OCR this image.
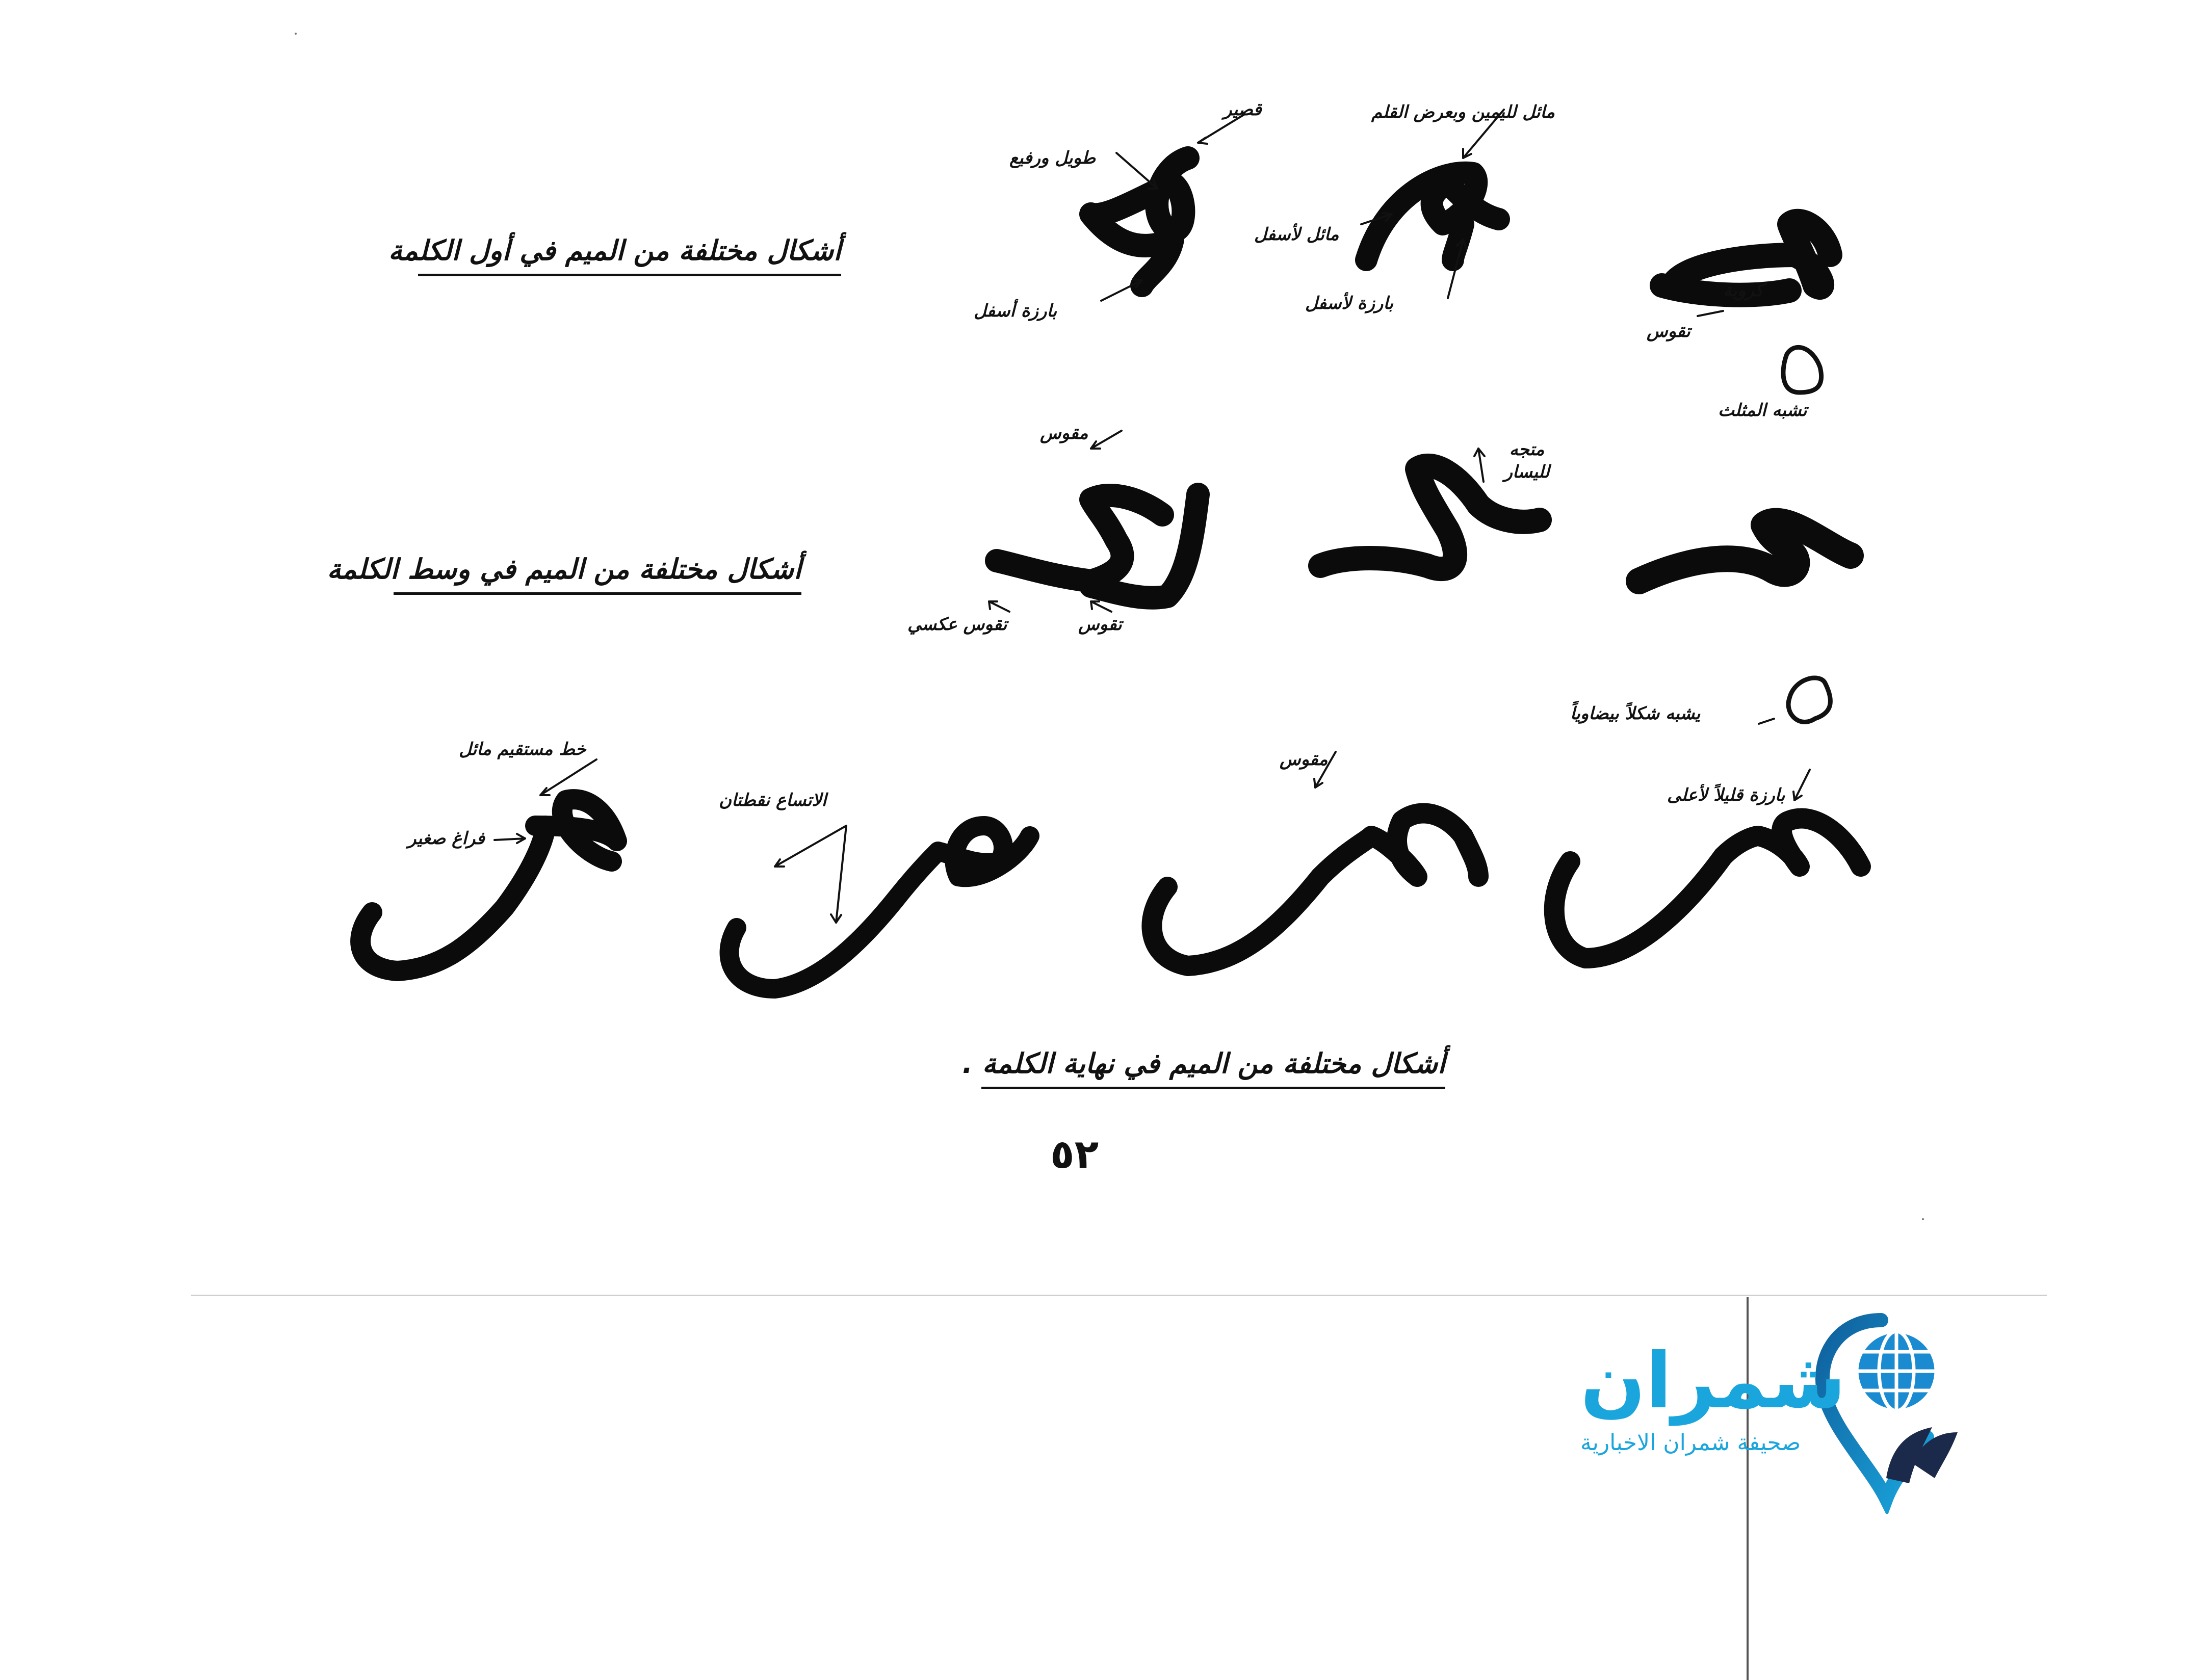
أشكال مختلفة من الميم في أول الكلمة
أشكال مختلفة من الميم في وسط الكلمة
أشكال مختلفة من الميم في نهاية الكلمة .
قصير
طويل ورفيع
بارزة أسفل
مائل لليمين وبعرض القلم
مائل لأسفل
بارزة لأسفل
كروية
تقوس
تشبه المثلث
مقوس
متجه لليسار
تقوس
تقوس عكسي
خط مستقيم مائل
فراغ صغير
الاتساع نقطتان
مقوس
يشبه شكلاً بيضاوياً
بارزة قليلاً لأعلى
٥٢
شمران
صحيفة شمران الاخبارية
